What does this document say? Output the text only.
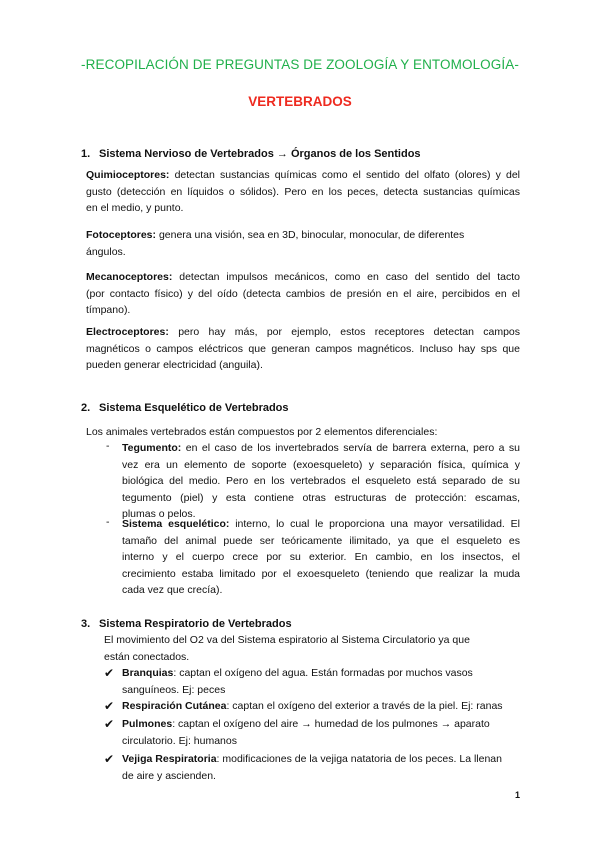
-RECOPILACIÓN DE PREGUNTAS DE ZOOLOGÍA Y ENTOMOLOGÍA-
VERTEBRADOS
1. Sistema Nervioso de Vertebrados → Órganos de los Sentidos
Quimioceptores: detectan sustancias químicas como el sentido del olfato (olores) y del
gusto (detección en líquidos o sólidos). Pero en los peces, detecta sustancias químicas
en el medio, y punto.
Fotoceptores: genera una visión, sea en 3D, binocular, monocular, de diferentes
ángulos.
Mecanoceptores: detectan impulsos mecánicos, como en caso del sentido del tacto
(por contacto físico) y del oído (detecta cambios de presión en el aire, percibidos en el
tímpano).
Electroceptores: pero hay más, por ejemplo, estos receptores detectan campos
magnéticos o campos eléctricos que generan campos magnéticos. Incluso hay sps que
pueden generar electricidad (anguila).
2. Sistema Esquelético de Vertebrados
Los animales vertebrados están compuestos por 2 elementos diferenciales:
- Tegumento: en el caso de los invertebrados servía de barrera externa, pero a su
vez era un elemento de soporte (exoesqueleto) y separación física, química y
biológica del medio. Pero en los vertebrados el esqueleto está separado de su
tegumento (piel) y esta contiene otras estructuras de protección: escamas,
plumas o pelos.
- Sistema esquelético: interno, lo cual le proporciona una mayor versatilidad. El
tamaño del animal puede ser teóricamente ilimitado, ya que el esqueleto es
interno y el cuerpo crece por su exterior. En cambio, en los insectos, el
crecimiento estaba limitado por el exoesqueleto (teniendo que realizar la muda
cada vez que crecía).
3. Sistema Respiratorio de Vertebrados
El movimiento del O2 va del Sistema espiratorio al Sistema Circulatorio ya que
están conectados.
✔ Branquias: captan el oxígeno del agua. Están formadas por muchos vasos
sanguíneos. Ej: peces
✔ Respiración Cutánea: captan el oxígeno del exterior a través de la piel. Ej: ranas
✔ Pulmones: captan el oxígeno del aire → humedad de los pulmones → aparato
circulatorio. Ej: humanos
✔ Vejiga Respiratoria: modificaciones de la vejiga natatoria de los peces. La llenan
de aire y ascienden.
1
